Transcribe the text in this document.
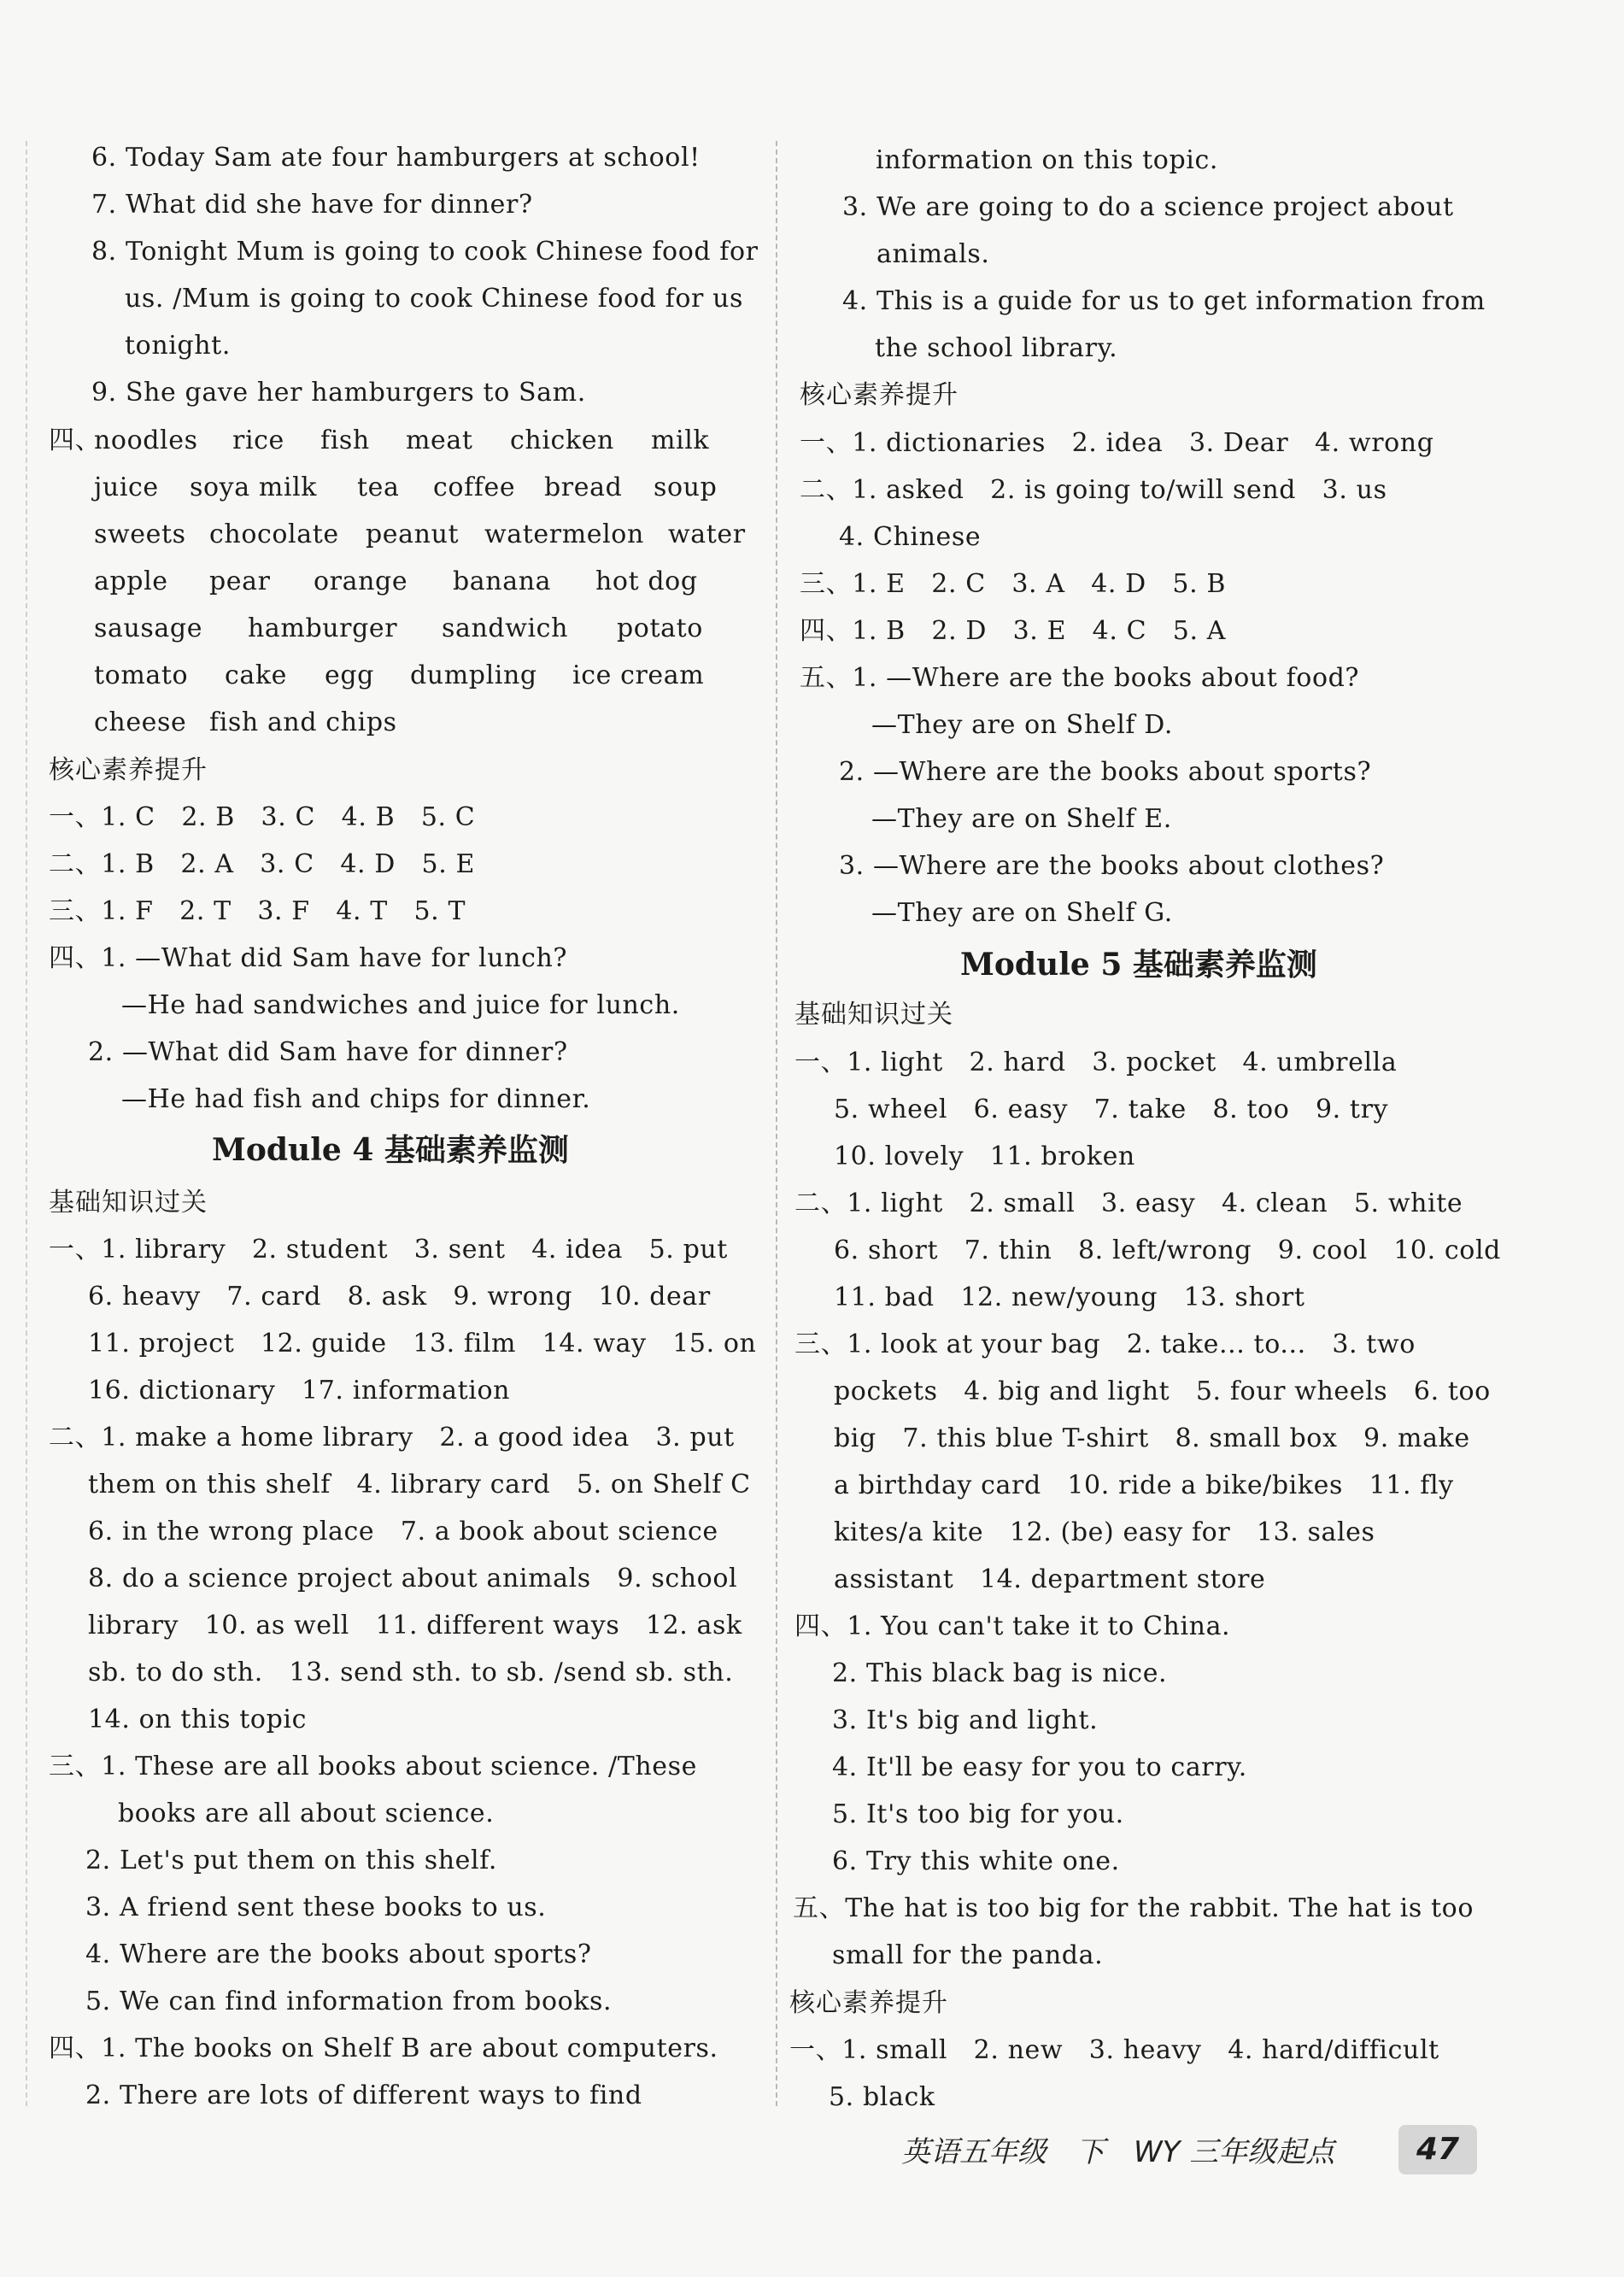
6. Today Sam ate four hamburgers at school!
7. What did she have for dinner?
8. Tonight Mum is going to cook Chinese food for
us. /Mum is going to cook Chinese food for us
tonight.
9. She gave her hamburgers to Sam.
四、
noodles rice fish meat chicken milk
juice soya milk tea coffee bread soup
sweets chocolate peanut watermelon water
apple pear orange banana hot dog
sausage hamburger sandwich potato
tomato cake egg dumpling ice cream
cheese fish and chips
核心素养提升
一、1. C　2. B　3. C　4. B　5. C
二、1. B　2. A　3. C　4. D　5. E
三、1. F　2. T　3. F　4. T　5. T
四、1. —What did Sam have for lunch?
—He had sandwiches and juice for lunch.
2. —What did Sam have for dinner?
—He had fish and chips for dinner.
Module 4 基础素养监测
基础知识过关
一、1. library　2. student　3. sent　4. idea　5. put
6. heavy　7. card　8. ask　9. wrong　10. dear
11. project　12. guide　13. film　14. way　15. on
16. dictionary　17. information
二、1. make a home library　2. a good idea　3. put
them on this shelf　4. library card　5. on Shelf C
6. in the wrong place　7. a book about science
8. do a science project about animals　9. school
library　10. as well　11. different ways　12. ask
sb. to do sth.　13. send sth. to sb. /send sb. sth.
14. on this topic
三、1. These are all books about science. /These
books are all about science.
2. Let's put them on this shelf.
3. A friend sent these books to us.
4. Where are the books about sports?
5. We can find information from books.
四、1. The books on Shelf B are about computers.
2. There are lots of different ways to find
information on this topic.
3. We are going to do a science project about
animals.
4. This is a guide for us to get information from
the school library.
核心素养提升
一、1. dictionaries　2. idea　3. Dear　4. wrong
二、1. asked　2. is going to/will send　3. us
4. Chinese
三、1. E　2. C　3. A　4. D　5. B
四、1. B　2. D　3. E　4. C　5. A
五、1. —Where are the books about food?
—They are on Shelf D.
2. —Where are the books about sports?
—They are on Shelf E.
3. —Where are the books about clothes?
—They are on Shelf G.
Module 5 基础素养监测
基础知识过关
一、1. light　2. hard　3. pocket　4. umbrella
5. wheel　6. easy　7. take　8. too　9. try
10. lovely　11. broken
二、1. light　2. small　3. easy　4. clean　5. white
6. short　7. thin　8. left/wrong　9. cool　10. cold
11. bad　12. new/young　13. short
三、1. look at your bag　2. take... to...　3. two
pockets　4. big and light　5. four wheels　6. too
big　7. this blue T-shirt　8. small box　9. make
a birthday card　10. ride a bike/bikes　11. fly
kites/a kite　12. (be) easy for　13. sales
assistant　14. department store
四、1. You can't take it to China.
2. This black bag is nice.
3. It's big and light.
4. It'll be easy for you to carry.
5. It's too big for you.
6. Try this white one.
五、The hat is too big for the rabbit. The hat is too
small for the panda.
核心素养提升
一、1. small　2. new　3. heavy　4. hard/difficult
5. black
英语五年级　下　WY 三年级起点	47
